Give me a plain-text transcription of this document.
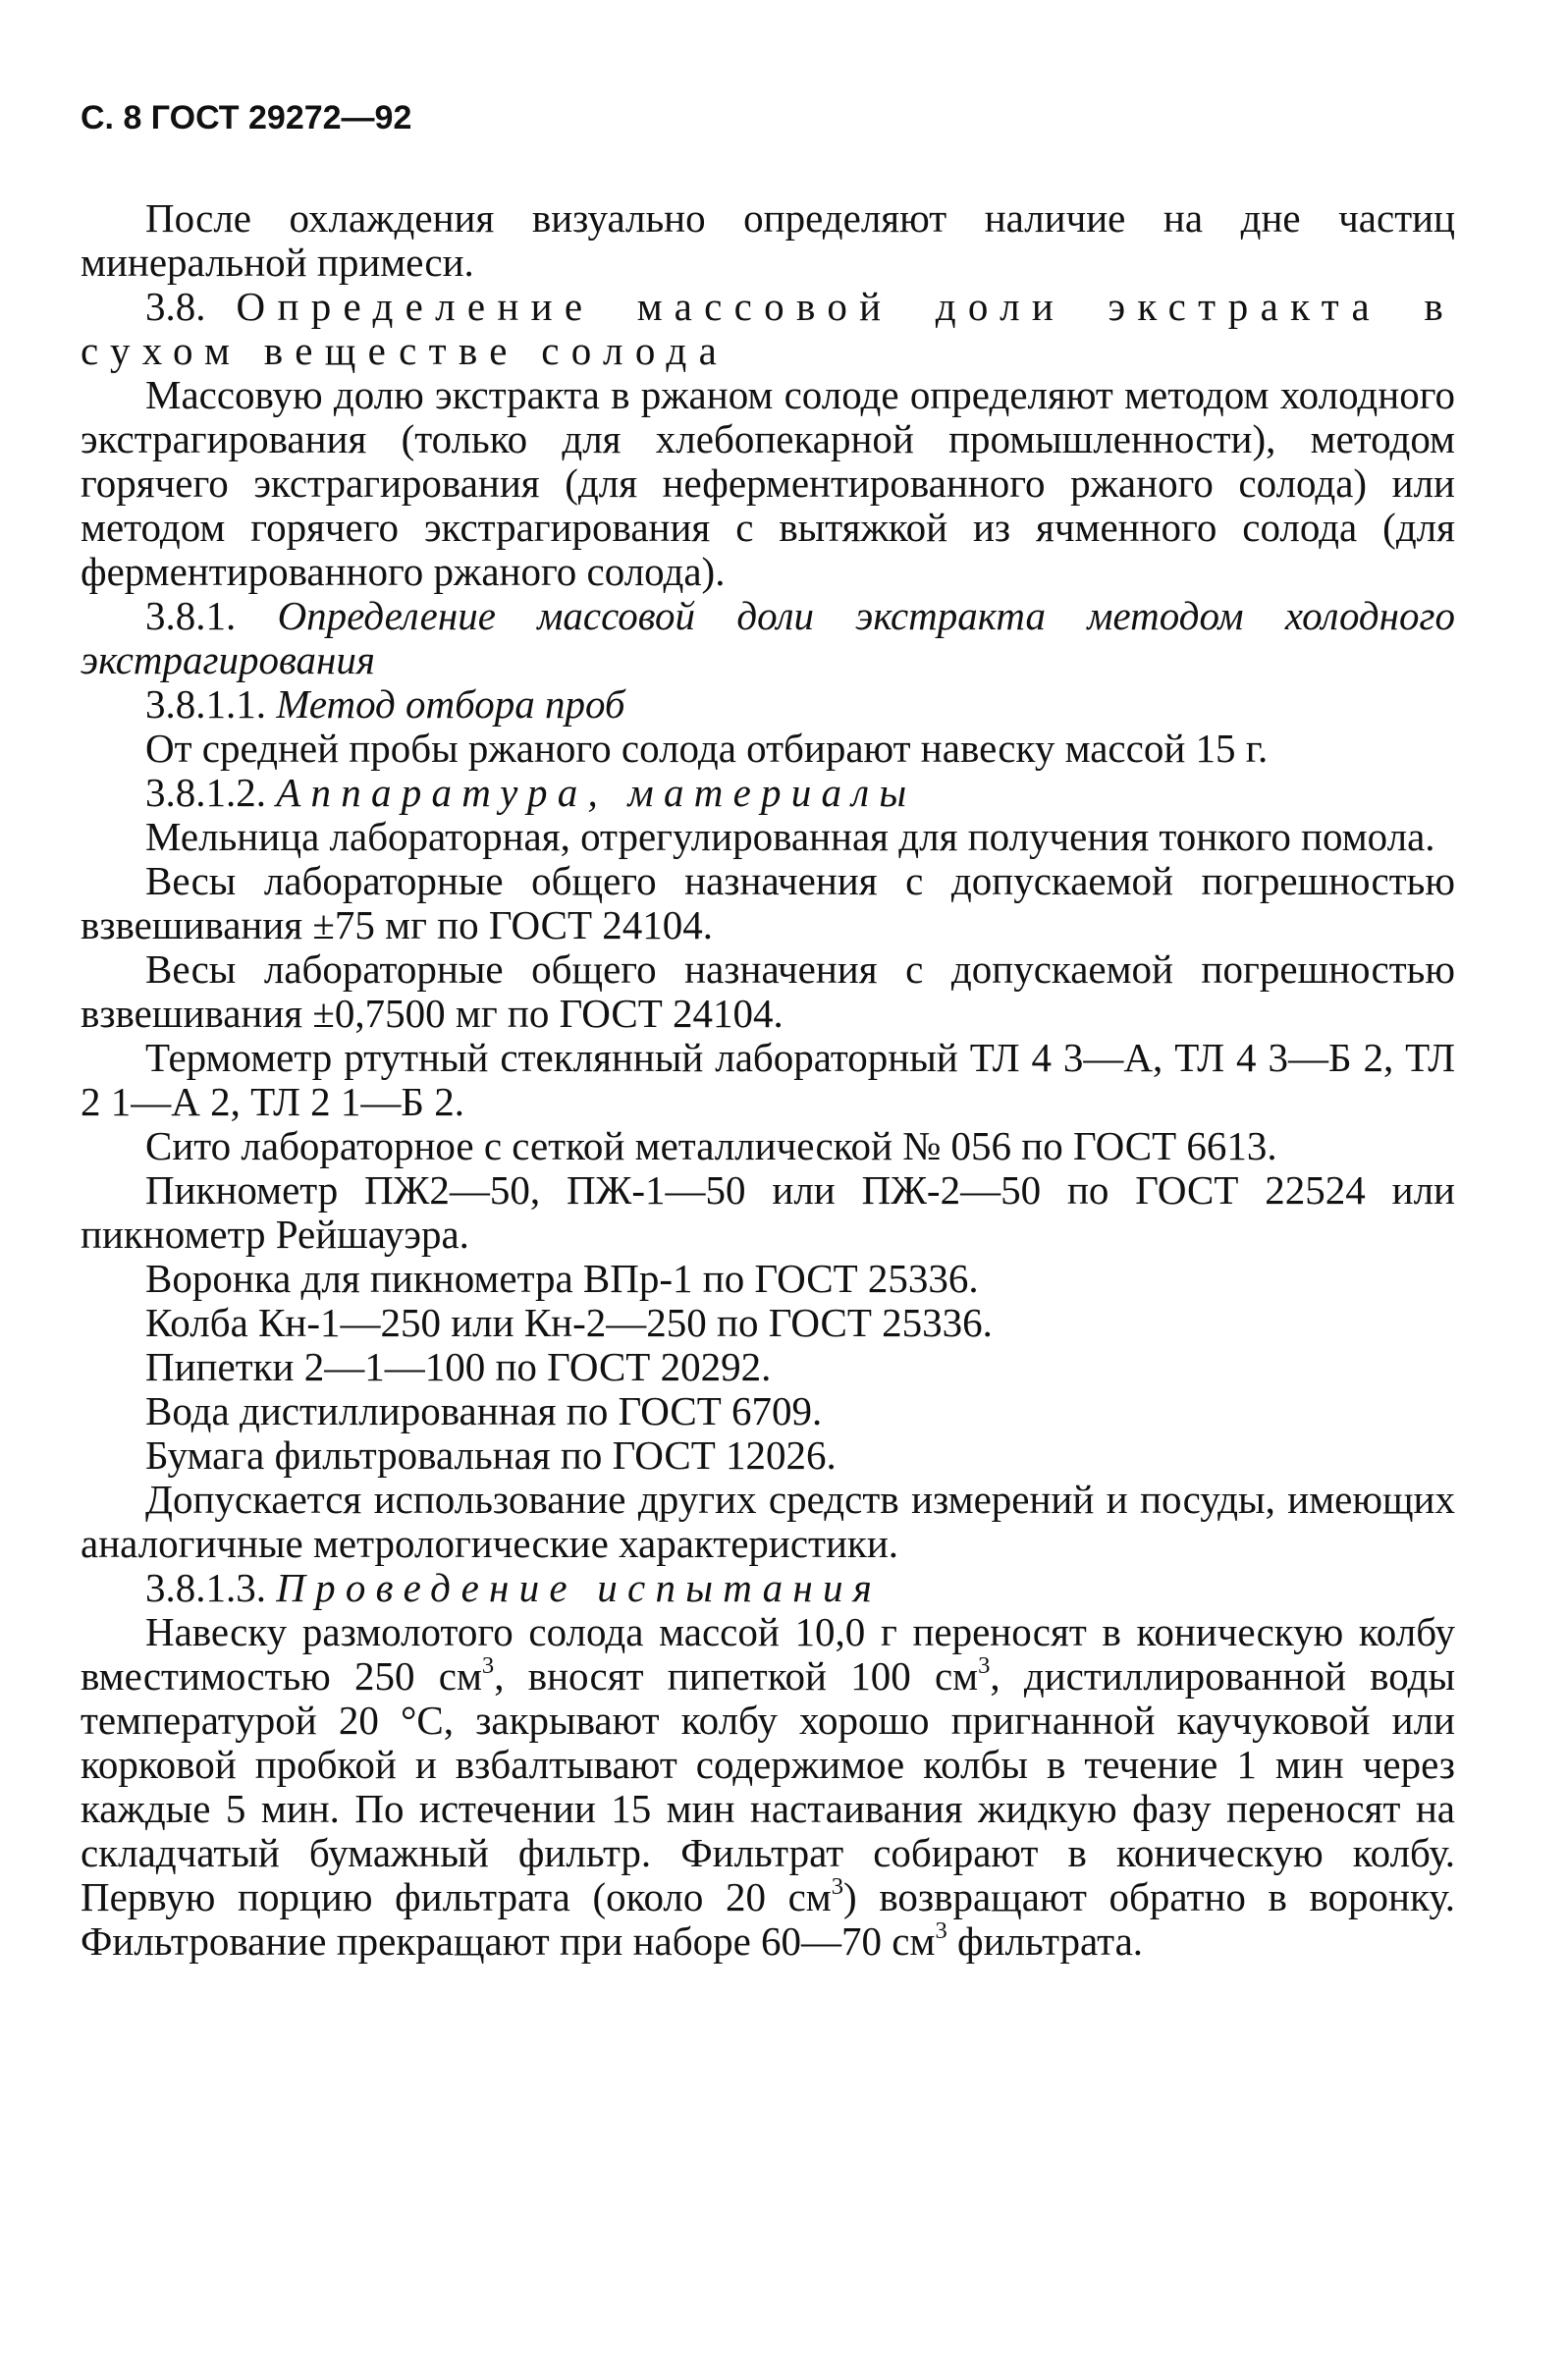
С. 8 ГОСТ 29272—92

После охлаждения визуально определяют наличие на дне частиц минеральной примеси.

3.8. Определение массовой доли экстракта в сухом веществе солода

Массовую долю экстракта в ржаном солоде определяют методом холодного экстрагирования (только для хлебопекарной промышленности), методом горячего экстрагирования (для неферментированного ржаного солода) или методом горячего экстрагирования с вытяжкой из ячменного солода (для ферментированного ржаного солода).

3.8.1. Определение массовой доли экстракта методом холодного экстрагирования

3.8.1.1. Метод отбора проб

От средней пробы ржаного солода отбирают навеску массой 15 г.

3.8.1.2. Аппаратура, материалы

Мельница лабораторная, отрегулированная для получения тонкого помола.

Весы лабораторные общего назначения с допускаемой погрешностью взвешивания ±75 мг по ГОСТ 24104.

Весы лабораторные общего назначения с допускаемой погрешностью взвешивания ±0,7500 мг по ГОСТ 24104.

Термометр ртутный стеклянный лабораторный ТЛ 4 3—А, ТЛ 4 3—Б 2, ТЛ 2 1—А 2, ТЛ 2 1—Б 2.

Сито лабораторное с сеткой металлической № 056 по ГОСТ 6613.

Пикнометр ПЖ2—50, ПЖ-1—50 или ПЖ-2—50 по ГОСТ 22524 или пикнометр Рейшауэра.

Воронка для пикнометра ВПр-1 по ГОСТ 25336.

Колба Кн-1—250 или Кн-2—250 по ГОСТ 25336.

Пипетки 2—1—100 по ГОСТ 20292.

Вода дистиллированная по ГОСТ 6709.

Бумага фильтровальная по ГОСТ 12026.

Допускается использование других средств измерений и посуды, имеющих аналогичные метрологические характеристики.

3.8.1.3. Проведение испытания

Навеску размолотого солода массой 10,0 г переносят в коническую колбу вместимостью 250 $см^3$, вносят пипеткой 100 $см^3$, дистиллированной воды температурой 20 °С, закрывают колбу хорошо пригнанной каучуковой или корковой пробкой и взбалтывают содержимое колбы в течение 1 мин через каждые 5 мин. По истечении 15 мин настаивания жидкую фазу переносят на складчатый бумажный фильтр. Фильтрат собирают в коническую колбу. Первую порцию фильтрата (около 20 $см^3$) возвращают обратно в воронку. Фильтрование прекращают при наборе 60—70 $см^3$ фильтрата.
